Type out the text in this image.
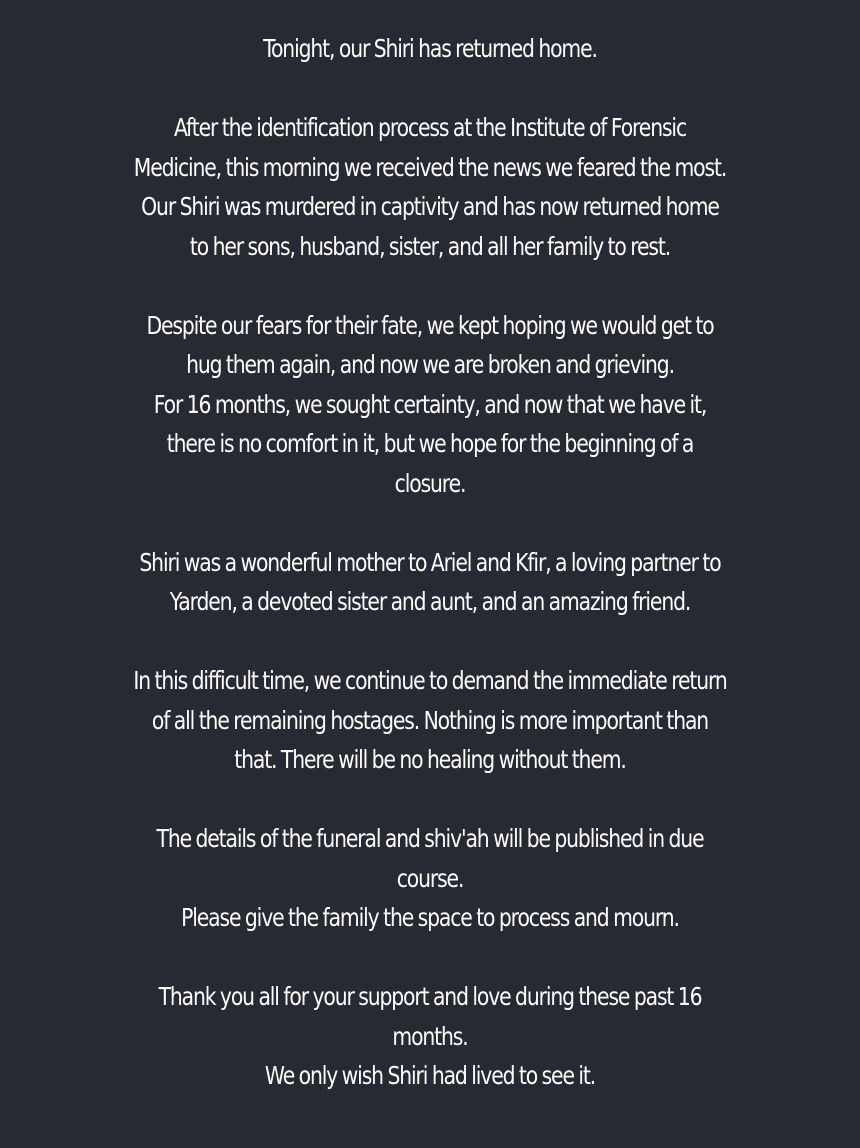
Tonight, our Shiri has returned home.
After the identification process at the Institute of Forensic
Medicine, this morning we received the news we feared the most.
Our Shiri was murdered in captivity and has now returned home
to her sons, husband, sister, and all her family to rest.
Despite our fears for their fate, we kept hoping we would get to
hug them again, and now we are broken and grieving.
For 16 months, we sought certainty, and now that we have it,
there is no comfort in it, but we hope for the beginning of a
closure.
Shiri was a wonderful mother to Ariel and Kfir, a loving partner to
Yarden, a devoted sister and aunt, and an amazing friend.
In this difficult time, we continue to demand the immediate return
of all the remaining hostages. Nothing is more important than
that. There will be no healing without them.
The details of the funeral and shiv'ah will be published in due
course.
Please give the family the space to process and mourn.
Thank you all for your support and love during these past 16
months.
We only wish Shiri had lived to see it.
